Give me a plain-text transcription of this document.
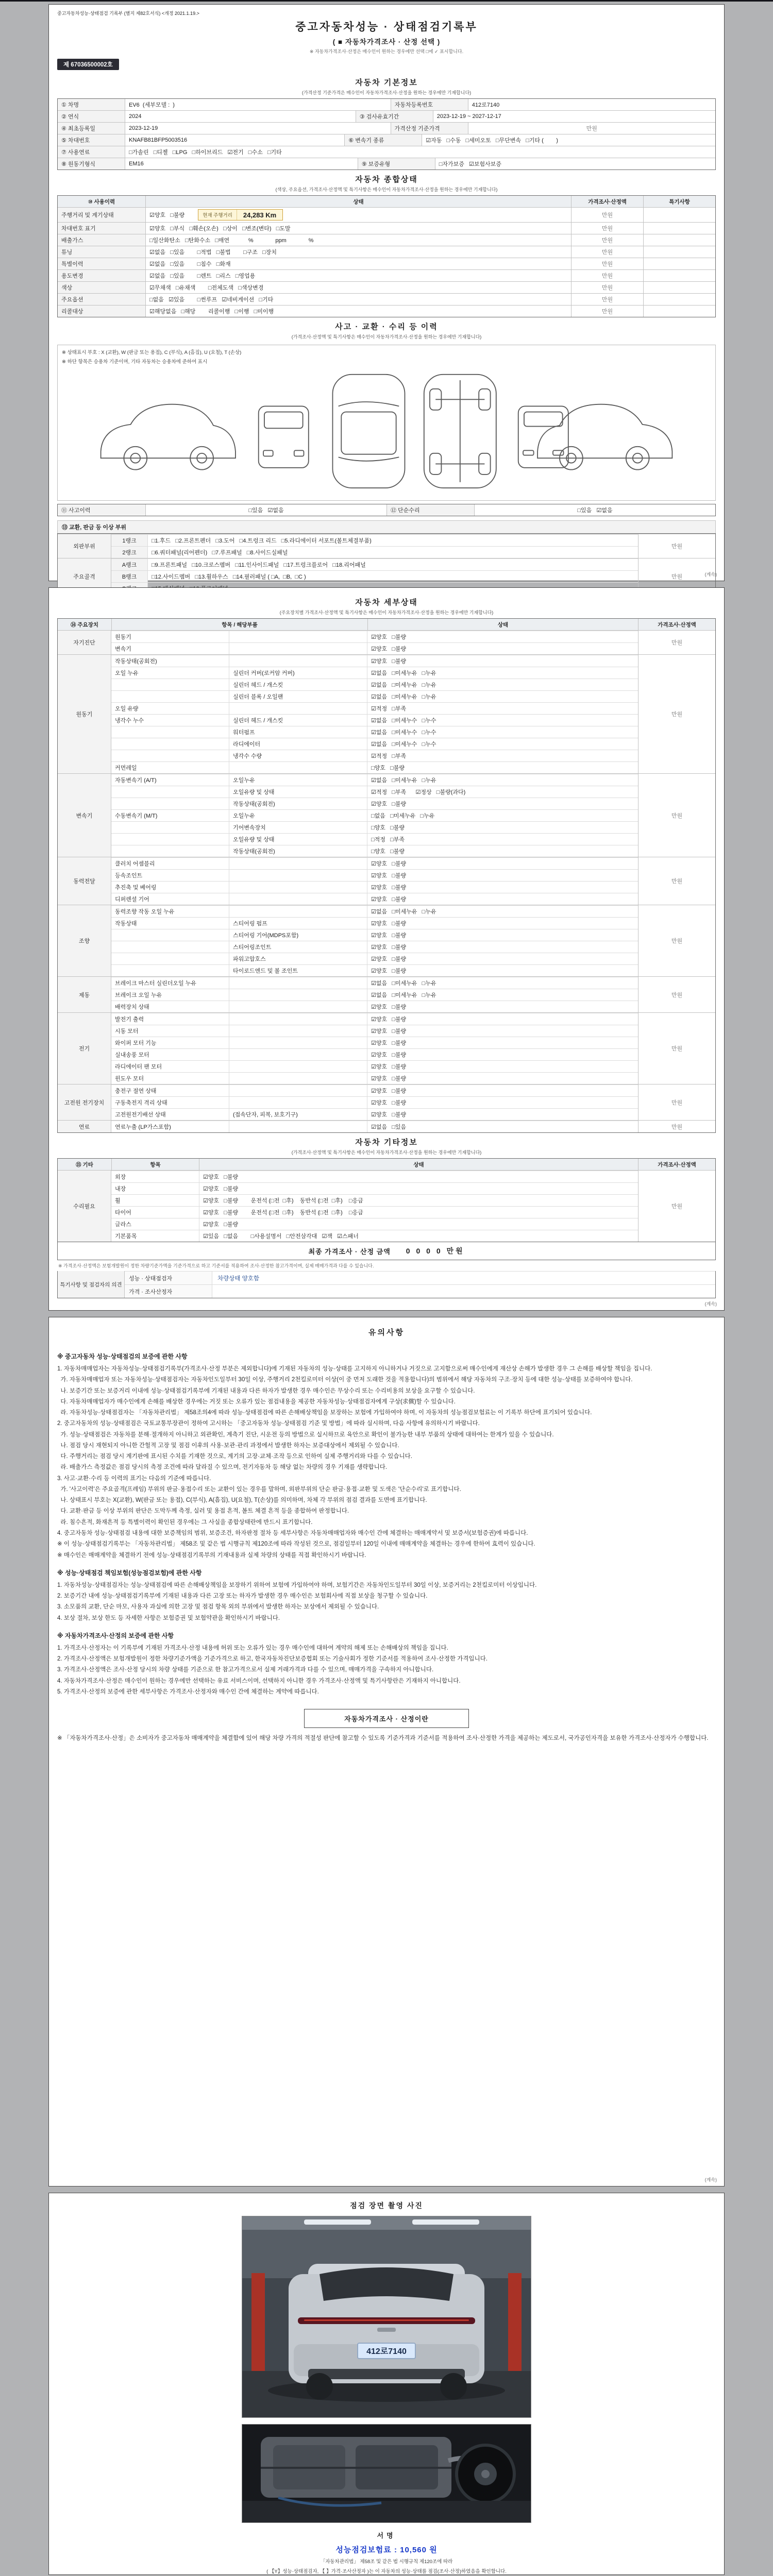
중고자동차성능·상태점검 기록부 (별지 제82호서식) <개정 2021.1.19.>
중고자동차성능 · 상태점검기록부
( ■ 자동차가격조사 · 산정 선택 )
※ 자동차가격조사·산정은 매수인이 원하는 경우에만 선택 □에 ✓ 표시합니다.
제 67036500002호
자동차 기본정보
(가격산정 기준가격은 매수인이 자동차가격조사·산정을 원하는 경우에만 기재합니다)
① 차명	EV6  (세부모델 :  )	자동차등록번호	412로7140
② 연식	2024	③ 검사유효기간	2023-12-19 ~ 2027-12-17
④ 최초등록일	2023-12-19	가격산정 기준가격	만원
⑤ 차대번호	KNAFB81BFP5003516	⑥ 변속기 종류	☑자동   □수동   □세미오토   □무단변속   □기타 (        )
⑦ 사용연료	□가솔린   □디젤   □LPG   □하이브리드   ☑전기   □수소   □기타
⑧ 원동기형식	EM16	⑨ 보증유형	□자가보증   ☑보험사보증
자동차 종합상태
(색상, 주요옵션, 가격조사·산정액 및 특기사항은 매수인이 자동차가격조사·산정을 원하는 경우에만 기재합니다)
⑩ 사용이력	상태	가격조사·산정액	특기사항
주행거리 및 계기상태	☑양호   □불량	현재 주행거리	24,283 Km	만원
차대번호 표기	☑양호   □부식   □훼손(오손)   □상이   □변조(변타)   □도말	만원
배출가스	□일산화탄소   □탄화수소   □매연            %              ppm              %	만원
튜닝	☑없음   □있음        □적법   □불법        □구조   □장치	만원
특별이력	☑없음   □있음        □침수   □화재	만원
용도변경	☑없음   □있음        □렌트   □리스   □영업용	만원
색상	☑무채색   □유채색        □전체도색   □색상변경	만원
주요옵션	□없음   ☑있음        □썬루프   ☑네비게이션   □기타	만원
리콜대상	☑해당없음   □해당        리콜이행   □이행   □미이행	만원
사고 · 교환 · 수리 등 이력
(가격조사·산정액 및 특기사항은 매수인이 자동차가격조사·산정을 원하는 경우에만 기재합니다)
※ 상태표시 부호 : X (교환), W (판금 또는 용접), C (부식), A (흠집), U (요철), T (손상)
※ 하단 항목은 승용차 기준이며, 기타 자동차는 승용차에 준하여 표시
⑪ 사고이력	□있음   ☑없음	⑫ 단순수리	□있음   ☑없음
⑬ 교환, 판금 등 이상 부위
외판부위
1랭크	□1.후드   □2.프론트펜더   □3.도어   □4.트렁크 리드   □5.라디에이터 서포트(볼트체결부품)
2랭크	□6.쿼터패널(리어펜더)   □7.루프패널   □8.사이드실패널
만원
주요골격
A랭크	□9.프론트패널   □10.크로스멤버   □11.인사이드패널   □17.트렁크플로어   □18.리어패널
B랭크	□12.사이드멤버   □13.휠하우스   □14.필러패널 ( □A,  □B,  □C )	만원	(계속)
자동차 세부상태
(주요장치별 가격조사·산정액 및 특기사항은 매수인이 자동차가격조사·산정을 원하는 경우에만 기재합니다)
⑭ 주요장치	항목 / 해당부품	상태	가격조사·산정액
자기진단
원동기	☑양호   □불량
변속기	☑양호   □불량
만원
원동기
작동상태(공회전)	☑양호   □불량
오일 누유	실린더 커버(로커암 커버)	☑없음   □미세누유   □누유
실린더 헤드 / 개스킷	☑없음   □미세누유   □누유
실린더 블록 / 오일팬	☑없음   □미세누유   □누유
오일 유량	☑적정   □부족
냉각수 누수	실린더 헤드 / 개스킷	☑없음   □미세누수   □누수
워터펌프	☑없음   □미세누수   □누수
라디에이터	☑없음   □미세누수   □누수
냉각수 수량	☑적정   □부족
커먼레일	□양호   □불량
만원
변속기
자동변속기 (A/T)	오일누유	☑없음   □미세누유   □누유
오일유량 및 상태	☑적정   □부족      ☑정상   □불량(과다)
작동상태(공회전)	☑양호   □불량
수동변속기 (M/T)	오일누유	□없음   □미세누유   □누유
기어변속장치	□양호   □불량
오일유량 및 상태	□적정   □부족
작동상태(공회전)	□양호   □불량
만원
동력전달
클러치 어셈블리	☑양호   □불량
등속조인트	☑양호   □불량
추진축 및 베어링	☑양호   □불량
디퍼렌셜 기어	☑양호   □불량
만원
조향
동력조향 작동 오일 누유	☑없음   □미세누유   □누유
작동상태	스티어링 펌프	☑양호   □불량
스티어링 기어(MDPS포함)	☑양호   □불량
스티어링조인트	☑양호   □불량
파워고압호스	☑양호   □불량
타이로드엔드 및 볼 조인트	☑양호   □불량
만원
제동
브레이크 마스터 실린더오일 누유	☑없음   □미세누유   □누유
브레이크 오일 누유	☑없음   □미세누유   □누유
배력장치 상태	☑양호   □불량
만원
전기
발전기 출력	☑양호   □불량
시동 모터	☑양호   □불량
와이퍼 모터 기능	☑양호   □불량
실내송풍 모터	☑양호   □불량
라디에이터 팬 모터	☑양호   □불량
윈도우 모터	☑양호   □불량
만원
고전원 전기장치
충전구 절연 상태	☑양호   □불량
구동축전지 격리 상태	☑양호   □불량
고전원전기배선 상태	(접속단자, 피복, 보호기구)	☑양호   □불량
만원
연료	연료누출 (LP가스포함)	☑없음   □있음	만원
자동차 기타정보
(가격조사·산정액 및 특기사항은 매수인이 자동차가격조사·산정을 원하는 경우에만 기재합니다)
⑮ 기타	항목	상태	가격조사·산정액
수리필요
외장	☑양호   □불량
내장	☑양호   □불량
휠	☑양호   □불량        운전석 (□전  □후)    동반석 (□전  □후)    □응급
타이어	☑양호   □불량        운전석 (□전  □후)    동반석 (□전  □후)    □응급
글라스	☑양호   □불량
기본품목	☑있음   □없음        □사용설명서   □안전삼각대   ☑잭   ☑스패너
만원
최종 가격조사 · 산정 금액 0 0 0 0 만원
※ 가격조사·산정액은 보험개발원이 정한 차량기준가액을 기준가격으로 하고 기준서를 적용하여 조사·산정한 참고가격이며, 실제 매매가격과 다를 수 있습니다.
특기사항 및 점검자의 의견
성능 · 상태점검자	차량상태 양호함
가격 · 조사산정자
(계속)
유의사항
※ 중고자동차 성능·상태점검의 보증에 관한 사항
1. 자동차매매업자는 자동차성능·상태점검기록부(가격조사·산정 부분은 제외합니다)에 기재된 자동차의 성능·상태를 고지하지 아니하거나 거짓으로 고지함으로써 매수인에게 재산상 손해가 발생한 경우 그 손해를 배상할 책임을 집니다.
가. 자동차매매업자 또는 자동차성능·상태점검자는 자동차인도일부터 30일 이상, 주행거리 2천킬로미터 이상(이 중 먼저 도래한 것을 적용합니다)의 범위에서 해당 자동차의 구조·장치 등에 대한 성능·상태를 보증하여야 합니다.
나. 보증기간 또는 보증거리 이내에 성능·상태점검기록부에 기재된 내용과 다른 하자가 발생한 경우 매수인은 무상수리 또는 수리비용의 보상을 요구할 수 있습니다.
다. 자동차매매업자가 매수인에게 손해를 배상한 경우에는 거짓 또는 오류가 있는 점검내용을 제공한 자동차성능·상태점검자에게 구상(求償)할 수 있습니다.
라. 자동차성능·상태점검자는 「자동차관리법」 제58조의4에 따라 성능·상태점검에 따른 손해배상책임을 보장하는 보험에 가입하여야 하며, 이 자동차의 성능점검보험료는 이 기록부 하단에 표기되어 있습니다.
2. 중고자동차의 성능·상태점검은 국토교통부장관이 정하여 고시하는 「중고자동차 성능·상태점검 기준 및 방법」에 따라 실시하며, 다음 사항에 유의하시기 바랍니다.
가. 성능·상태점검은 자동차를 분해·절개하지 아니하고 외관확인, 계측기 진단, 시운전 등의 방법으로 실시하므로 육안으로 확인이 불가능한 내부 부품의 상태에 대하여는 한계가 있을 수 있습니다.
나. 점검 당시 재현되지 아니한 간헐적 고장 및 점검 이후의 사용·보관·관리 과정에서 발생한 하자는 보증대상에서 제외될 수 있습니다.
다. 주행거리는 점검 당시 계기판에 표시된 수치를 기재한 것으로, 계기의 고장·교체·조작 등으로 인하여 실제 주행거리와 다를 수 있습니다.
라. 배출가스 측정값은 점검 당시의 측정 조건에 따라 달라질 수 있으며, 전기자동차 등 해당 없는 차량의 경우 기재를 생략합니다.
3. 사고·교환·수리 등 이력의 표기는 다음의 기준에 따릅니다.
가. '사고이력'은 주요골격(프레임) 부위의 판금·용접수리 또는 교환이 있는 경우를 말하며, 외판부위의 단순 판금·용접·교환 및 도색은 '단순수리'로 표기합니다.
나. 상태표시 부호는 X(교환), W(판금 또는 용접), C(부식), A(흠집), U(요철), T(손상)를 의미하며, 차체 각 부위의 점검 결과를 도면에 표기합니다.
다. 교환·판금 등 이상 부위의 판단은 도막두께 측정, 실러 및 용접 흔적, 볼트 체결 흔적 등을 종합하여 판정합니다.
라. 침수흔적, 화재흔적 등 특별이력이 확인된 경우에는 그 사실을 종합상태란에 반드시 표기합니다.
4. 중고자동차 성능·상태점검 내용에 대한 보증책임의 범위, 보증조건, 하자판정 절차 등 세부사항은 자동차매매업자와 매수인 간에 체결하는 매매계약서 및 보증서(보험증권)에 따릅니다.
※ 이 성능·상태점검기록부는 「자동차관리법」 제58조 및 같은 법 시행규칙 제120조에 따라 작성된 것으로, 점검일부터 120일 이내에 매매계약을 체결하는 경우에 한하여 효력이 있습니다.
※ 매수인은 매매계약을 체결하기 전에 성능·상태점검기록부의 기재내용과 실제 차량의 상태를 직접 확인하시기 바랍니다.
※ 성능·상태점검 책임보험(성능점검보험)에 관한 사항
1. 자동차성능·상태점검자는 성능·상태점검에 따른 손해배상책임을 보장하기 위하여 보험에 가입하여야 하며, 보험기간은 자동차인도일부터 30일 이상, 보증거리는 2천킬로미터 이상입니다.
2. 보증기간 내에 성능·상태점검기록부에 기재된 내용과 다른 고장 또는 하자가 발생한 경우 매수인은 보험회사에 직접 보상을 청구할 수 있습니다.
3. 소모품의 교환, 단순 마모, 사용자 과실에 의한 고장 및 점검 항목 외의 부위에서 발생한 하자는 보상에서 제외될 수 있습니다.
4. 보상 절차, 보상 한도 등 자세한 사항은 보험증권 및 보험약관을 확인하시기 바랍니다.
※ 자동차가격조사·산정의 보증에 관한 사항
1. 가격조사·산정자는 이 기록부에 기재된 가격조사·산정 내용에 허위 또는 오류가 있는 경우 매수인에 대하여 계약의 해제 또는 손해배상의 책임을 집니다.
2. 가격조사·산정액은 보험개발원이 정한 차량기준가액을 기준가격으로 하고, 한국자동차진단보증협회 또는 기술사회가 정한 기준서를 적용하여 조사·산정한 가격입니다.
3. 가격조사·산정액은 조사·산정 당시의 차량 상태를 기준으로 한 참고가격으로서 실제 거래가격과 다를 수 있으며, 매매가격을 구속하지 아니합니다.
4. 자동차가격조사·산정은 매수인이 원하는 경우에만 선택하는 유료 서비스이며, 선택하지 아니한 경우 가격조사·산정액 및 특기사항란은 기재하지 아니합니다.
5. 가격조사·산정의 보증에 관한 세부사항은 가격조사·산정자와 매수인 간에 체결하는 계약에 따릅니다.
자동차가격조사 · 산정이란
※ 「자동차가격조사·산정」은 소비자가 중고자동차 매매계약을 체결함에 있어 해당 차량 가격의 적절성 판단에 참고할 수 있도록 기준가격과 기준서를 적용하여 조사·산정한 가격을 제공하는 제도로서, 국가공인자격을 보유한 가격조사·산정자가 수행합니다.
(계속)
점검 장면 촬영 사진
412로7140
서명
성능점검보험료 : 10,560 원
「자동차관리법」 제58조 및 같은 법 시행규칙 제120조에 따라
( 【Y】성능·상태점검자, 【 】가격·조사산정자 )는 이 자동차의 성능·상태를 점검(조사·산정)하였음을 확인합니다.
